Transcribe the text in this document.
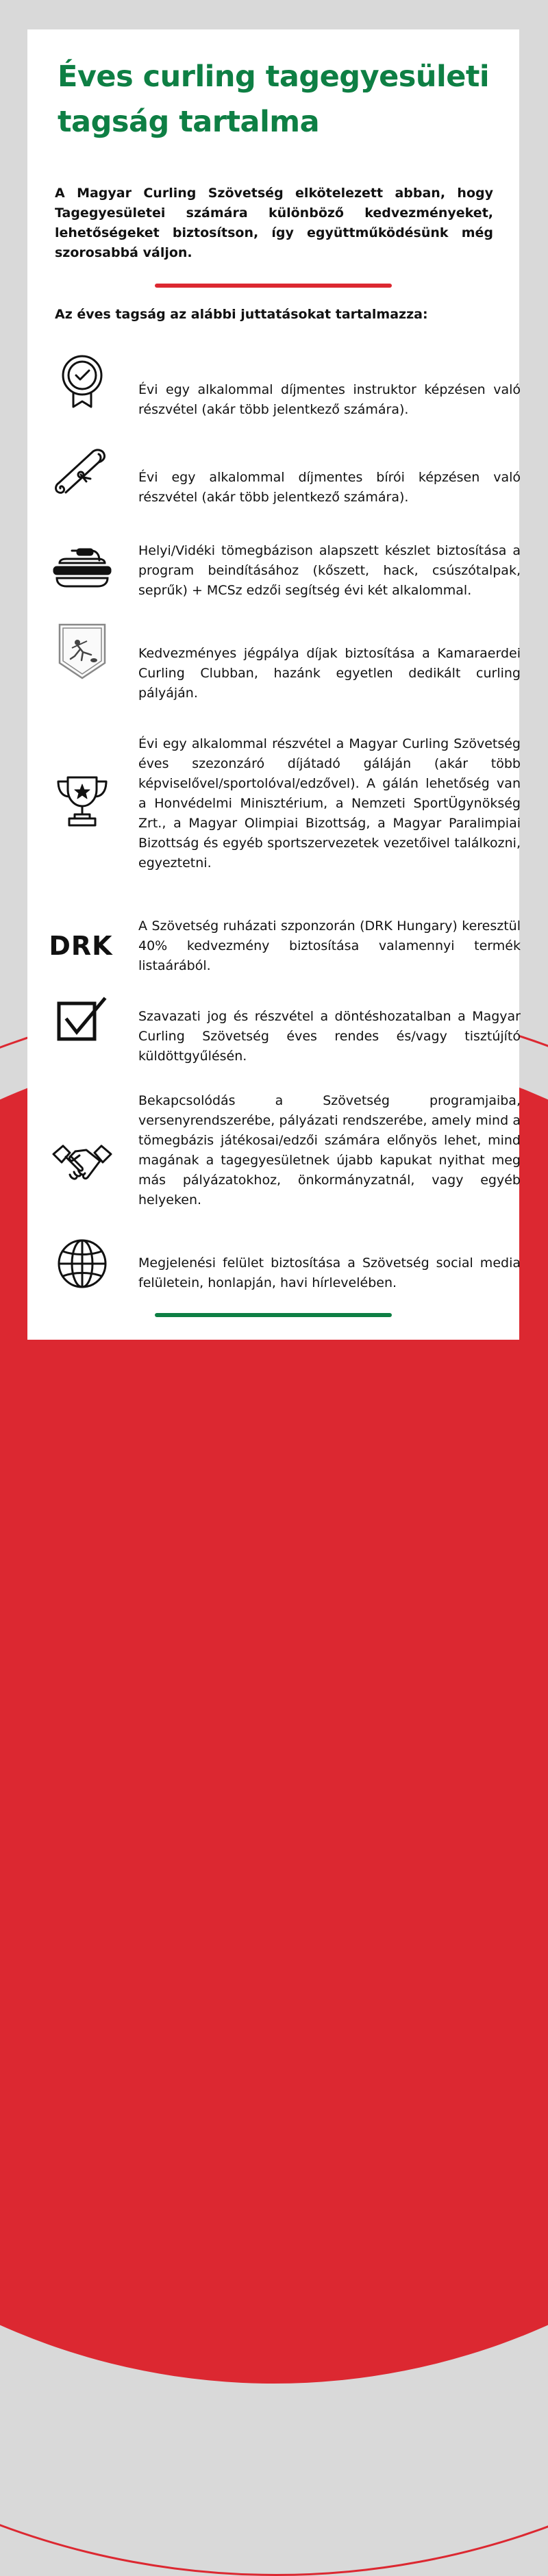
Éves curling tagegyesületi tagság tartalma

A Magyar Curling Szövetség elkötelezett abban, hogy Tagegyesületei számára különböző kedvezményeket, lehetőségeket biztosítson, így együttműködésünk még szorosabbá váljon.

Az éves tagság az alábbi juttatásokat tartalmazza:

Évi egy alkalommal díjmentes instruktor képzésen való részvétel (akár több jelentkező számára).

Évi egy alkalommal díjmentes bírói képzésen való részvétel (akár több jelentkező számára).

Helyi/Vidéki tömegbázison alapszett készlet biztosítása a program beindításához (kőszett, hack, csúszótalpak, seprűk) + MCSz edzői segítség évi két alkalommal.

Kedvezményes jégpálya díjak biztosítása a Kamaraerdei Curling Clubban, hazánk egyetlen dedikált curling pályáján.

Évi egy alkalommal részvétel a Magyar Curling Szövetség éves szezonzáró díjátadó gáláján (akár több képviselővel/sportolóval/edzővel). A gálán lehetőség van a Honvédelmi Minisztérium, a Nemzeti SportÜgynökség Zrt., a Magyar Olimpiai Bizottság, a Magyar Paralimpiai Bizottság és egyéb sportszervezetek vezetőivel találkozni, egyeztetni.

DRK

A Szövetség ruházati szponzorán (DRK Hungary) keresztül 40% kedvezmény biztosítása valamennyi termék listaárából.

Szavazati jog és részvétel a döntéshozatalban a Magyar Curling Szövetség éves rendes és/vagy tisztújító küldöttgyűlésén.

Bekapcsolódás a Szövetség programjaiba, versenyrendszerébe, pályázati rendszerébe, amely mind a tömegbázis játékosai/edzői számára előnyös lehet, mind magának a tagegyesületnek újabb kapukat nyithat meg más pályázatokhoz, önkormányzatnál, vagy egyéb helyeken.

Megjelenési felület biztosítása a Szövetség social media felületein, honlapján, havi hírlevelében.
